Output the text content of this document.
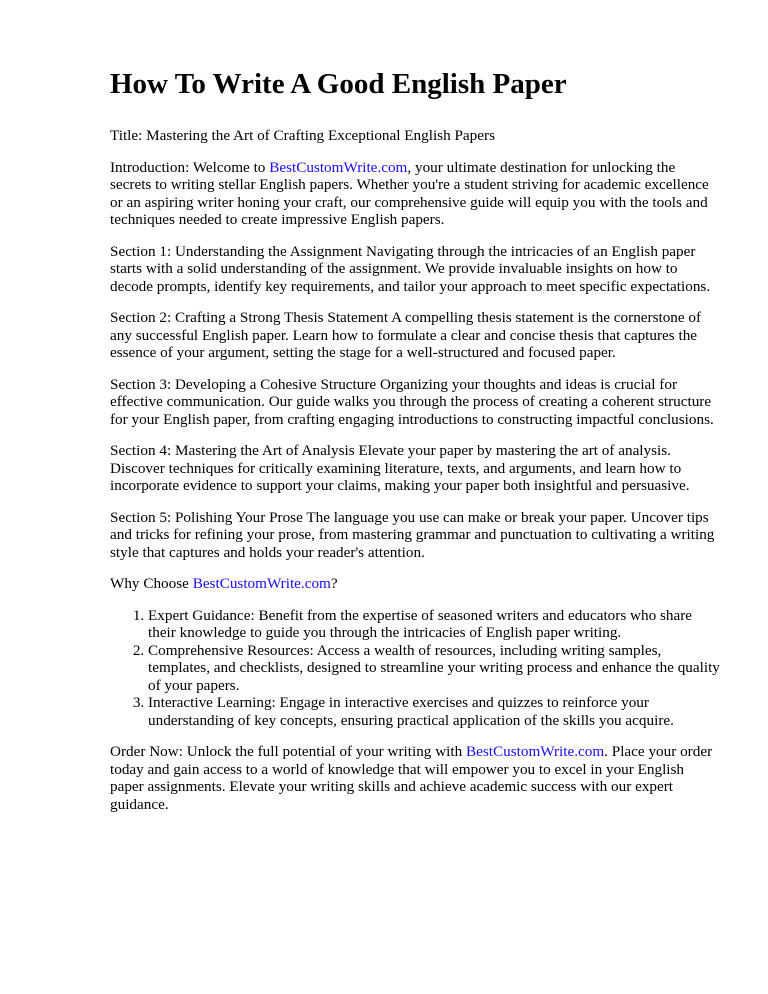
How To Write A Good English Paper

Title: Mastering the Art of Crafting Exceptional English Papers

Introduction: Welcome to BestCustomWrite.com, your ultimate destination for unlocking the secrets to writing stellar English papers. Whether you're a student striving for academic excellence or an aspiring writer honing your craft, our comprehensive guide will equip you with the tools and techniques needed to create impressive English papers.

Section 1: Understanding the Assignment Navigating through the intricacies of an English paper starts with a solid understanding of the assignment. We provide invaluable insights on how to decode prompts, identify key requirements, and tailor your approach to meet specific expectations.

Section 2: Crafting a Strong Thesis Statement A compelling thesis statement is the cornerstone of any successful English paper. Learn how to formulate a clear and concise thesis that captures the essence of your argument, setting the stage for a well-structured and focused paper.

Section 3: Developing a Cohesive Structure Organizing your thoughts and ideas is crucial for effective communication. Our guide walks you through the process of creating a coherent structure for your English paper, from crafting engaging introductions to constructing impactful conclusions.

Section 4: Mastering the Art of Analysis Elevate your paper by mastering the art of analysis. Discover techniques for critically examining literature, texts, and arguments, and learn how to incorporate evidence to support your claims, making your paper both insightful and persuasive.

Section 5: Polishing Your Prose The language you use can make or break your paper. Uncover tips and tricks for refining your prose, from mastering grammar and punctuation to cultivating a writing style that captures and holds your reader's attention.

Why Choose BestCustomWrite.com?

1. Expert Guidance: Benefit from the expertise of seasoned writers and educators who share their knowledge to guide you through the intricacies of English paper writing.
2. Comprehensive Resources: Access a wealth of resources, including writing samples, templates, and checklists, designed to streamline your writing process and enhance the quality of your papers.
3. Interactive Learning: Engage in interactive exercises and quizzes to reinforce your understanding of key concepts, ensuring practical application of the skills you acquire.

Order Now: Unlock the full potential of your writing with BestCustomWrite.com. Place your order today and gain access to a world of knowledge that will empower you to excel in your English paper assignments. Elevate your writing skills and achieve academic success with our expert guidance.
